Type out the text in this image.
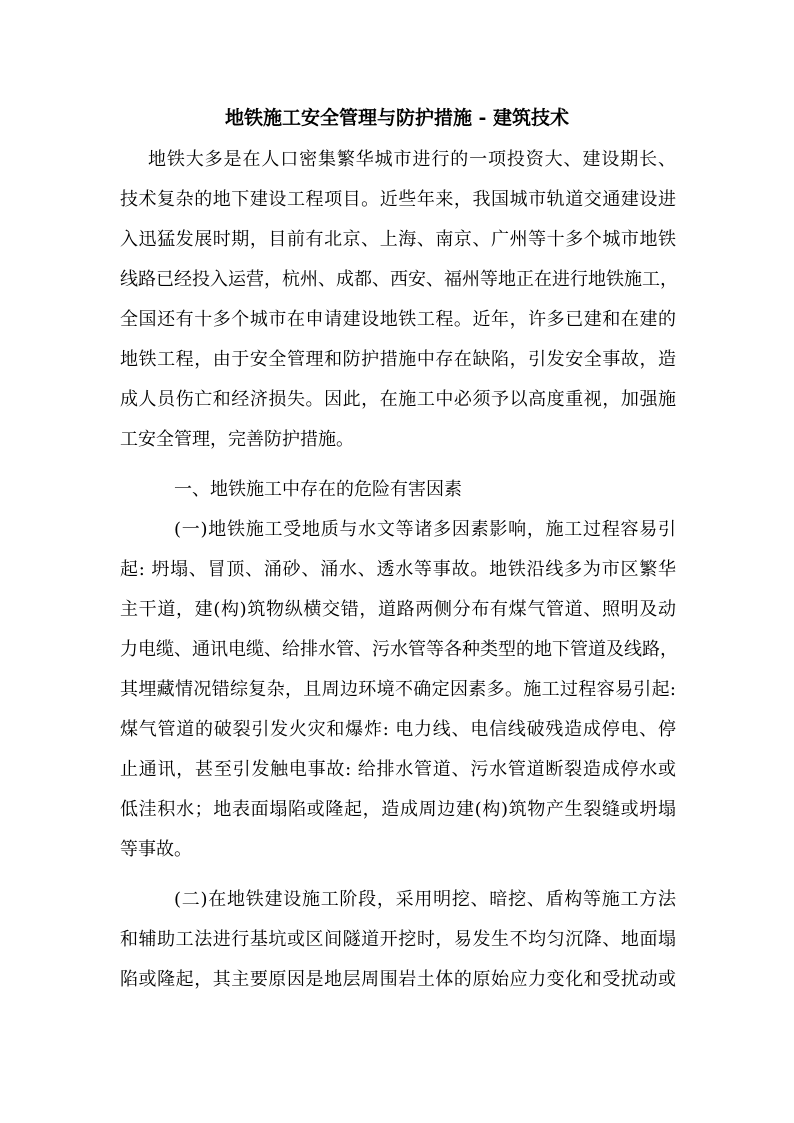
地铁施工安全管理与防护措施 - 建筑技术
地铁大多是在人口密集繁华城市进行的一项投资大、建设期长、
技术复杂的地下建设工程项目。近些年来，我国城市轨道交通建设进
入迅猛发展时期，目前有北京、上海、南京、广州等十多个城市地铁
线路已经投入运营，杭州、成都、西安、福州等地正在进行地铁施工，
全国还有十多个城市在申请建设地铁工程。近年，许多已建和在建的
地铁工程，由于安全管理和防护措施中存在缺陷，引发安全事故，造
成人员伤亡和经济损失。因此，在施工中必须予以高度重视，加强施
工安全管理，完善防护措施。
一、地铁施工中存在的危险有害因素
(一)地铁施工受地质与水文等诸多因素影响，施工过程容易引
起: 坍塌、冒顶、涌砂、涌水、透水等事故。地铁沿线多为市区繁华
主干道，建(构)筑物纵横交错，道路两侧分布有煤气管道、照明及动
力电缆、通讯电缆、给排水管、污水管等各种类型的地下管道及线路，
其埋藏情况错综复杂，且周边环境不确定因素多。施工过程容易引起:
煤气管道的破裂引发火灾和爆炸: 电力线、电信线破残造成停电、停
止通讯，甚至引发触电事故: 给排水管道、污水管道断裂造成停水或
低洼积水；地表面塌陷或隆起，造成周边建(构)筑物产生裂缝或坍塌
等事故。
(二)在地铁建设施工阶段，采用明挖、暗挖、盾构等施工方法
和辅助工法进行基坑或区间隧道开挖时，易发生不均匀沉降、地面塌
陷或隆起，其主要原因是地层周围岩土体的原始应力变化和受扰动或
